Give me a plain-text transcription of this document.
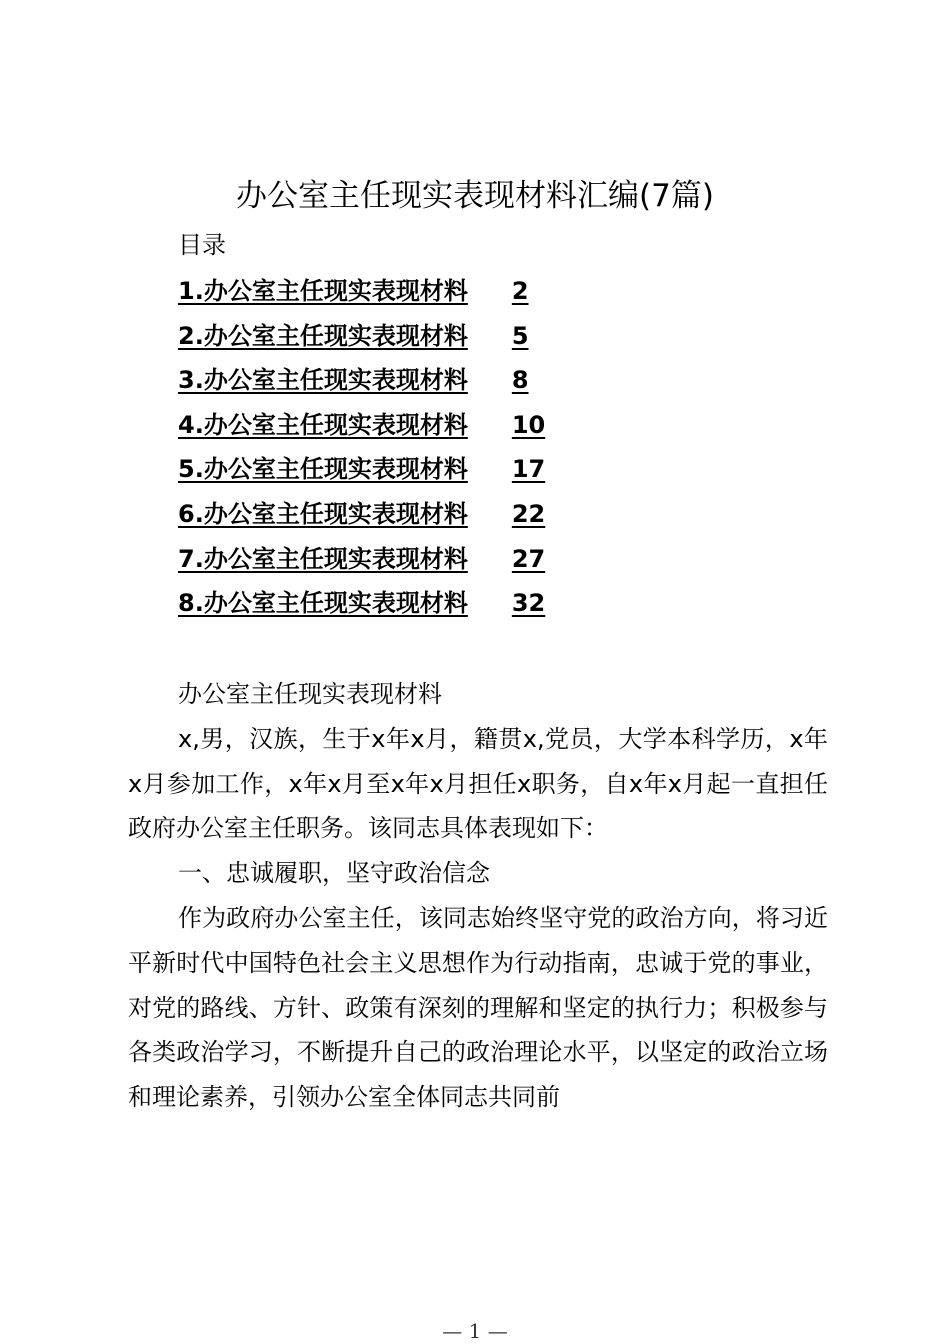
办公室主任现实表现材料汇编(7篇)
目录
1.办公室主任现实表现材料 2
2.办公室主任现实表现材料 5
3.办公室主任现实表现材料 8
4.办公室主任现实表现材料 10
5.办公室主任现实表现材料 17
6.办公室主任现实表现材料 22
7.办公室主任现实表现材料 27
8.办公室主任现实表现材料 32

办公室主任现实表现材料

x,男，汉族，生于x年x月，籍贯x,党员，大学本科学历，x年x月参加工作，x年x月至x年x月担任x职务，自x年x月起一直担任政府办公室主任职务。该同志具体表现如下：

一、忠诚履职，坚守政治信念

作为政府办公室主任，该同志始终坚守党的政治方向，将习近平新时代中国特色社会主义思想作为行动指南，忠诚于党的事业，对党的路线、方针、政策有深刻的理解和坚定的执行力；积极参与各类政治学习，不断提升自己的政治理论水平，以坚定的政治立场和理论素养，引领办公室全体同志共同前

— 1 —
